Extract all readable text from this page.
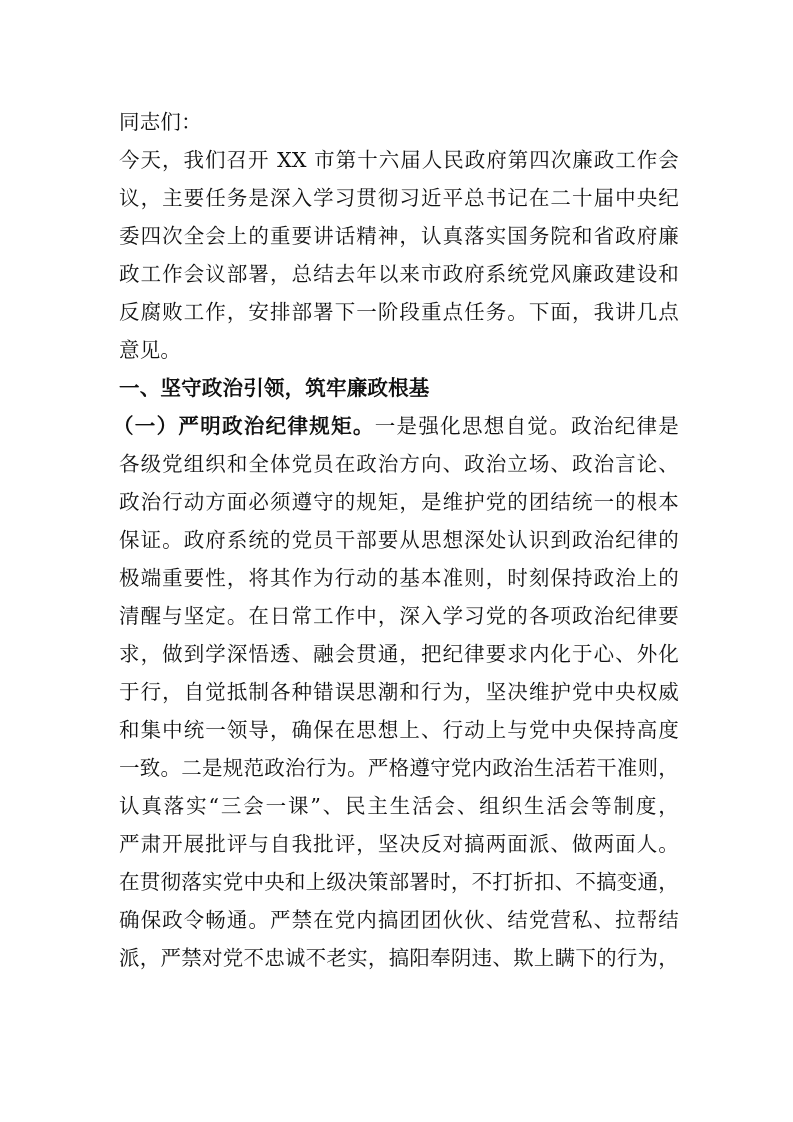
同志们：
今天，我们召开 XX 市第十六届人民政府第四次廉政工作会
议，主要任务是深入学习贯彻习近平总书记在二十届中央纪
委四次全会上的重要讲话精神，认真落实国务院和省政府廉
政工作会议部署，总结去年以来市政府系统党风廉政建设和
反腐败工作，安排部署下一阶段重点任务。下面，我讲几点
意见。
一、坚守政治引领，筑牢廉政根基
（一）严明政治纪律规矩。一是强化思想自觉。政治纪律是
各级党组织和全体党员在政治方向、政治立场、政治言论、
政治行动方面必须遵守的规矩，是维护党的团结统一的根本
保证。政府系统的党员干部要从思想深处认识到政治纪律的
极端重要性，将其作为行动的基本准则，时刻保持政治上的
清醒与坚定。在日常工作中，深入学习党的各项政治纪律要
求，做到学深悟透、融会贯通，把纪律要求内化于心、外化
于行，自觉抵制各种错误思潮和行为，坚决维护党中央权威
和集中统一领导，确保在思想上、行动上与党中央保持高度
一致。二是规范政治行为。严格遵守党内政治生活若干准则，
认真落实“三会一课”、民主生活会、组织生活会等制度，
严肃开展批评与自我批评，坚决反对搞两面派、做两面人。
在贯彻落实党中央和上级决策部署时，不打折扣、不搞变通，
确保政令畅通。严禁在党内搞团团伙伙、结党营私、拉帮结
派，严禁对党不忠诚不老实，搞阳奉阴违、欺上瞒下的行为，
